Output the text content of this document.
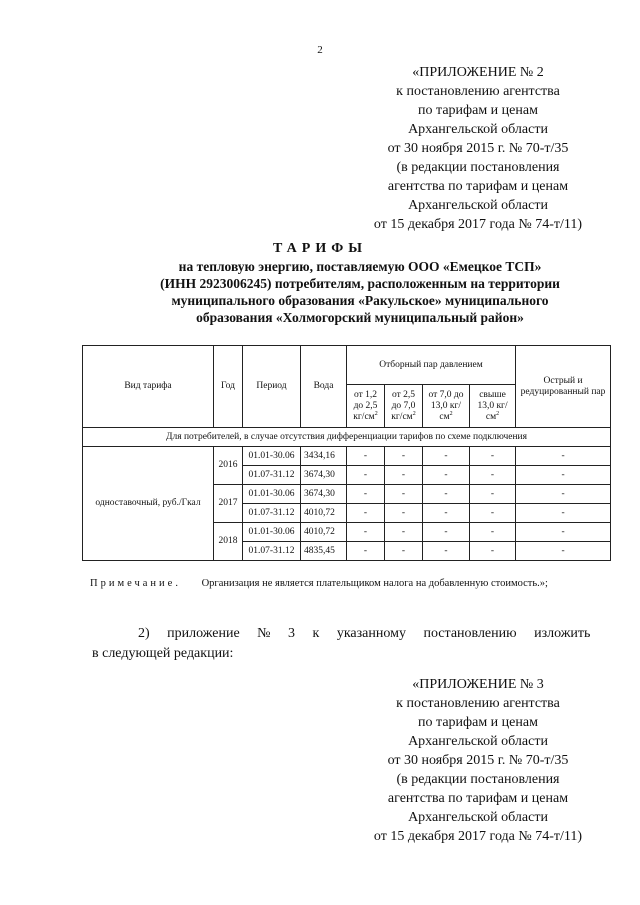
2
«ПРИЛОЖЕНИЕ № 2
к постановлению агентства
по тарифам и ценам
Архангельской области
от 30 ноября 2015 г. № 70-т/35
(в редакции постановления
агентства по тарифам и ценам
Архангельской области
от 15 декабря 2017 года № 74-т/11)
ТАРИФЫ
на тепловую энергию, поставляемую ООО «Емецкое ТСП»
(ИНН 2923006245) потребителям, расположенным на территории
муниципального образования «Ракульское» муниципального
образования «Холмогорский муниципальный район»
Вид тарифа	Год	Период	Вода	Отборный пар давлением				Острый и редуцированный пар
				от 1,2 до 2,5 $кг/см^2$	от 2,5 до 7,0 $кг/см^2$	от 7,0 до 13,0 $кг/см^2$	свыше 13,0 $кг/см^2$
Для потребителей, в случае отсутствия дифференциации тарифов по схеме подключения								
одноставочный, руб./Гкал	2016	01.01-30.06	3434,16	-	-	-	-	-
		01.07-31.12	3674,30	-	-	-	-	-
	2017	01.01-30.06	3674,30	-	-	-	-	-
		01.07-31.12	4010,72	-	-	-	-	-
	2018	01.01-30.06	4010,72	-	-	-	-	-
		01.07-31.12	4835,45	-	-	-	-	-
Примечание. Организация не является плательщиком налога на добавленную стоимость.»;
2) приложение № 3 к указанному постановлению изложить
в следующей редакции:
«ПРИЛОЖЕНИЕ № 3
к постановлению агентства
по тарифам и ценам
Архангельской области
от 30 ноября 2015 г. № 70-т/35
(в редакции постановления
агентства по тарифам и ценам
Архангельской области
от 15 декабря 2017 года № 74-т/11)
